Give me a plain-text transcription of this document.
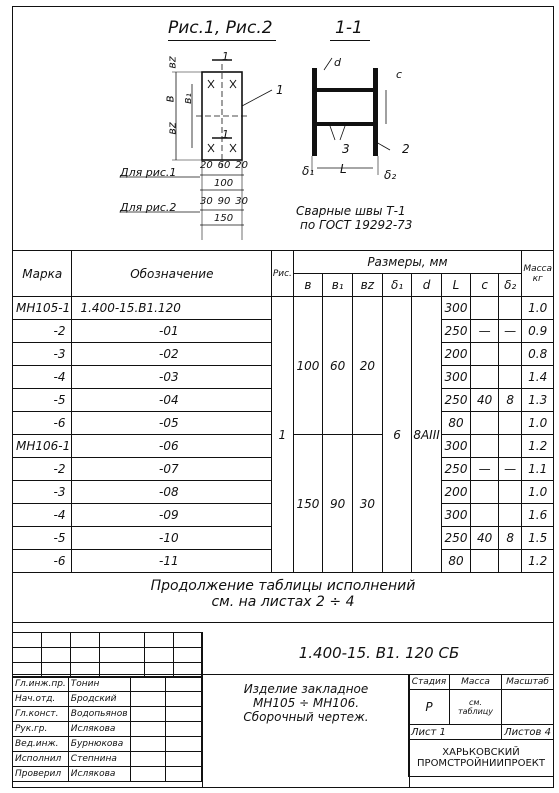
Рис.1, Рис.2	1-1
вz
в в₁
вz
1
1
1
d
c
3	2
δ₁ L	δ₂
Для рис.1
Для рис.2
20 60 20
100
30 90 30
150
Сварные швы Т-1
по ГОСТ 19292-73
Марка	Обозначение	Рис.	Размеры, мм								Масса кг
			в	в₁	вz	δ₁	d	L	c	δ₂	
МН105-1	1.400-15.В1.120	1	100	60	20	6	8АIII	300			1.0
-2	-01							250	—	—	0.9
-3	-02							200			0.8
-4	-03							300			1.4
-5	-04							250	40	8	1.3
-6	-05							80			1.0
МН106-1	-06		150	90	30			300			1.2
-2	-07							250	—	—	1.1
-3	-08							200			1.0
-4	-09							300			1.6
-5	-10							250	40	8	1.5
-6	-11							80			1.2
Продолжение таблицы исполнений
см. на листах 2 ÷ 4

1.400-15. В1. 120 СБ
Гл.инж.пр.	Тонин		
Нач.отд.	Бродский		
Гл.конст.	Водопьянов		
Рук.гр.	Исляковa		
Вед.инж.	Бурнюкова		
Исполнил	Степнина		
Проверил	Исляковa		
Изделие закладное
МН105 ÷ МН106.
Сборочный чертеж.
Стадия	Масса	Масштаб
Р	см. таблицу	
Лист 1		Листов 4

ХАРЬКОВСКИЙ
ПРОМСТРОЙНИИПРОЕКТ		
